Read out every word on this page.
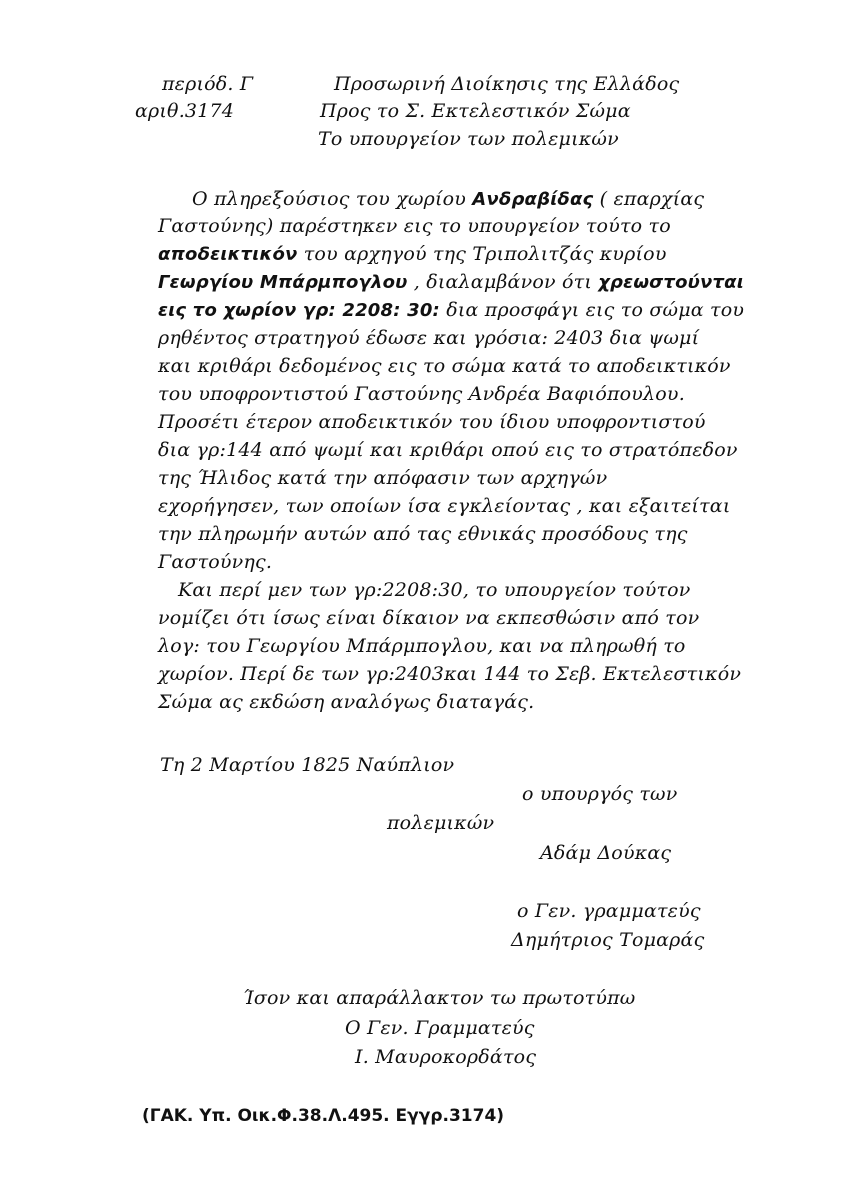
περιόδ. Γ
αριθ.3174
Προσωρινή Διοίκησις της Ελλάδος
Προς το Σ. Εκτελεστικόν Σώμα
Το υπουργείον των πολεμικών
Ο πληρεξούσιος του χωρίου Ανδραβίδας ( επαρχίας
Γαστούνης) παρέστηκεν εις το υπουργείον τούτο το
αποδεικτικόν του αρχηγού της Τριπολιτζάς κυρίου
Γεωργίου Μπάρμπογλου , διαλαμβάνον ότι χρεωστούνται
εις το χωρίον γρ: 2208: 30: δια προσφάγι εις το σώμα του
ρηθέντος στρατηγού έδωσε και γρόσια: 2403 δια ψωμί
και κριθάρι δεδομένος εις το σώμα κατά το αποδεικτικόν
του υποφροντιστού Γαστούνης Ανδρέα Βαφιόπουλου.
Προσέτι έτερον αποδεικτικόν του ίδιου υποφροντιστού
δια γρ:144 από ψωμί και κριθάρι οπού εις το στρατόπεδον
της Ήλιδος κατά την απόφασιν των αρχηγών
εχορήγησεν, των οποίων ίσα εγκλείοντας , και εξαιτείται
την πληρωμήν αυτών από τας εθνικάς προσόδους της
Γαστούνης.
Και περί μεν των γρ:2208:30, το υπουργείον τούτον
νομίζει ότι ίσως είναι δίκαιον να εκπεσθώσιν από τον
λογ: του Γεωργίου Μπάρμπογλου, και να πληρωθή το
χωρίον. Περί δε των γρ:2403και 144 το Σεβ. Εκτελεστικόν
Σώμα ας εκδώση αναλόγως διαταγάς.
Τη 2 Μαρτίου 1825 Ναύπλιον
ο υπουργός των
πολεμικών
Αδάμ Δούκας
ο Γεν. γραμματεύς
Δημήτριος Τομαράς
Ίσον και απαράλλακτον τω πρωτοτύπω
Ο Γεν. Γραμματεύς
Ι. Μαυροκορδάτος
(ΓΑΚ. Υπ. Οικ.Φ.38.Λ.495. Εγγρ.3174)
